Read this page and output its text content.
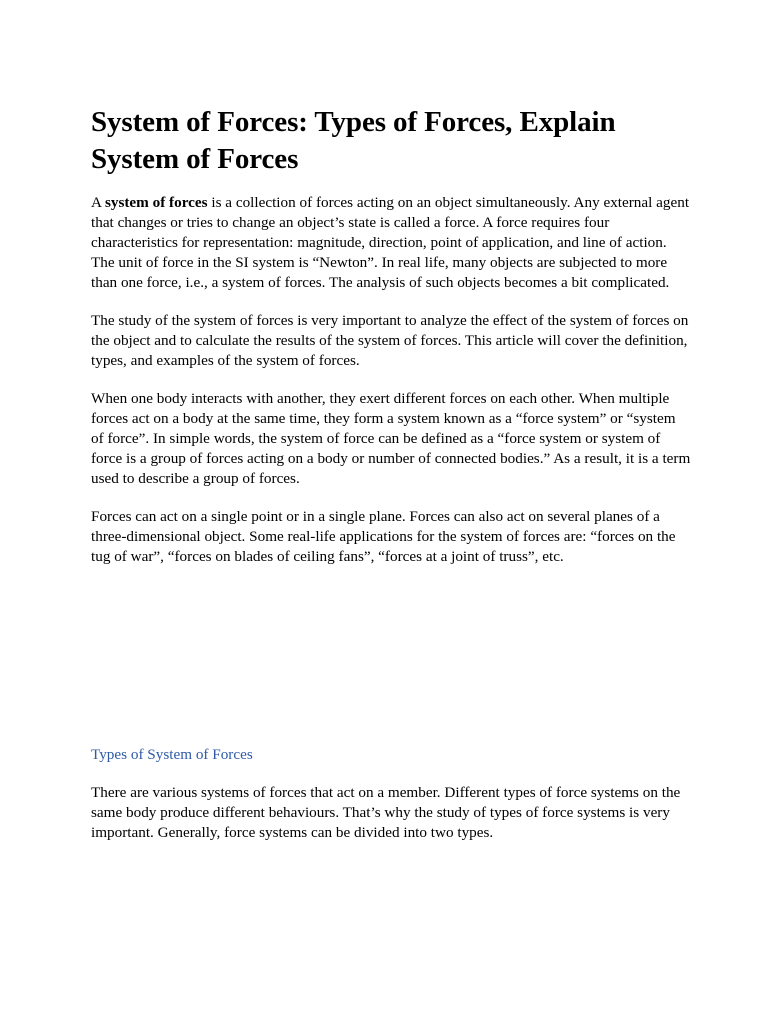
System of Forces: Types of Forces, Explain System of Forces

A system of forces is a collection of forces acting on an object simultaneously. Any external agent that changes or tries to change an object’s state is called a force. A force requires four characteristics for representation: magnitude, direction, point of application, and line of action. The unit of force in the SI system is “Newton”. In real life, many objects are subjected to more than one force, i.e., a system of forces. The analysis of such objects becomes a bit complicated.

The study of the system of forces is very important to analyze the effect of the system of forces on the object and to calculate the results of the system of forces. This article will cover the definition, types, and examples of the system of forces.

When one body interacts with another, they exert different forces on each other. When multiple forces act on a body at the same time, they form a system known as a “force system” or “system of force”. In simple words, the system of force can be defined as a “force system or system of force is a group of forces acting on a body or number of connected bodies.” As a result, it is a term used to describe a group of forces.

Forces can act on a single point or in a single plane. Forces can also act on several planes of a three-dimensional object. Some real-life applications for the system of forces are: “forces on the tug of war”, “forces on blades of ceiling fans”, “forces at a joint of truss”, etc.

Types of System of Forces

There are various systems of forces that act on a member. Different types of force systems on the same body produce different behaviours. That’s why the study of types of force systems is very important. Generally, force systems can be divided into two types.
